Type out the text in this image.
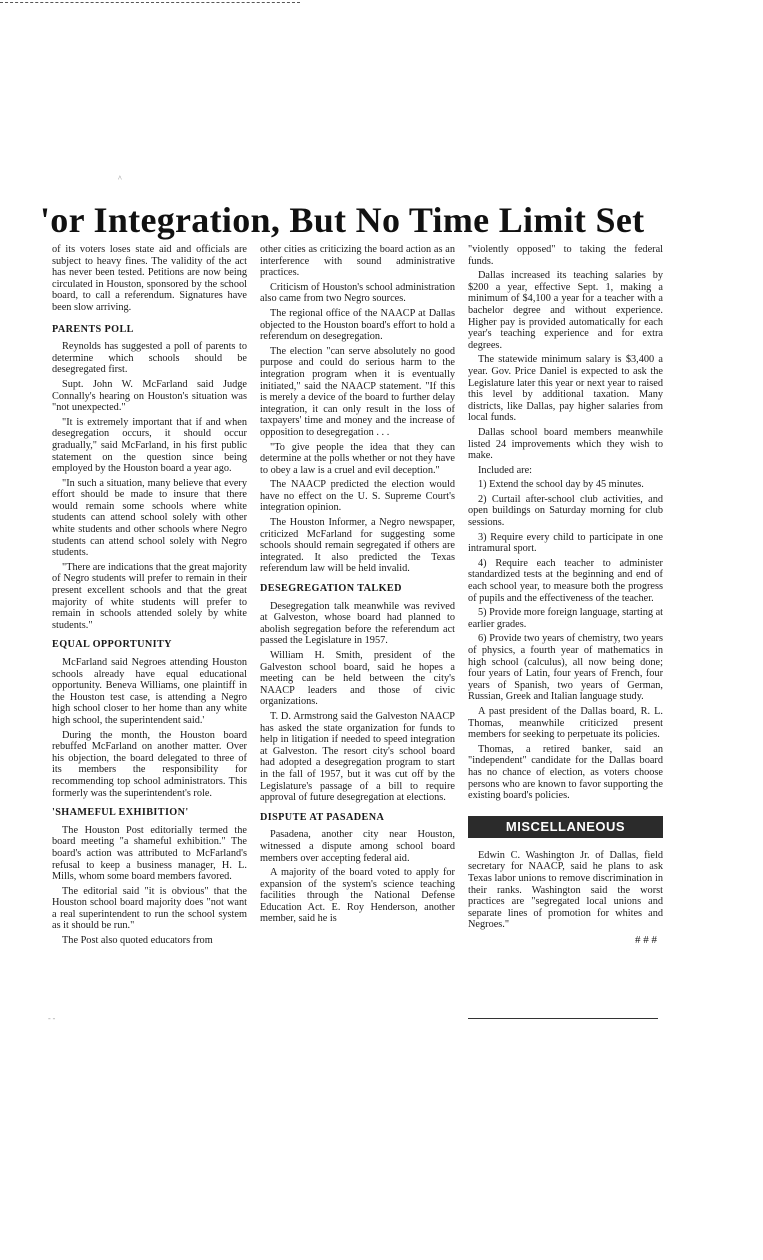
^
'or Integration, But No Time Limit Set

of its voters loses state aid and officials are subject to heavy fines. The validity of the act has never been tested. Petitions are now being circulated in Houston, sponsored by the school board, to call a referendum. Signatures have been slow arriving.

PARENTS POLL

Reynolds has suggested a poll of parents to determine which schools should be desegregated first.

Supt. John W. McFarland said Judge Connally's hearing on Houston's situation was "not unexpected."

"It is extremely important that if and when desegregation occurs, it should occur gradually," said McFarland, in his first public statement on the question since being employed by the Houston board a year ago.

"In such a situation, many believe that every effort should be made to insure that there would remain some schools where white students can attend school solely with other white students and other schools where Negro students can attend school solely with Negro students.

"There are indications that the great majority of Negro students will prefer to remain in their present excellent schools and that the great majority of white students will prefer to remain in schools attended solely by white students."

EQUAL OPPORTUNITY

McFarland said Negroes attending Houston schools already have equal educational opportunity. Beneva Williams, one plaintiff in the Houston test case, is attending a Negro high school closer to her home than any white high school, the superintendent said.'

During the month, the Houston board rebuffed McFarland on another matter. Over his objection, the board delegated to three of its members the responsibility for recommending top school administrators. This formerly was the superintendent's role.

'SHAMEFUL EXHIBITION'

The Houston Post editorially termed the board meeting "a shameful exhibition." The board's action was attributed to McFarland's refusal to keep a business manager, H. L. Mills, whom some board members favored.

The editorial said "it is obvious" that the Houston school board majority does "not want a real superintendent to run the school system as it should be run."

The Post also quoted educators from

other cities as criticizing the board action as an interference with sound administrative practices.

Criticism of Houston's school administration also came from two Negro sources.

The regional office of the NAACP at Dallas objected to the Houston board's effort to hold a referendum on desegregation.

The election "can serve absolutely no good purpose and could do serious harm to the integration program when it is eventually initiated," said the NAACP statement. "If this is merely a device of the board to further delay integration, it can only result in the loss of taxpayers' time and money and the increase of opposition to desegregation . . .

"To give people the idea that they can determine at the polls whether or not they have to obey a law is a cruel and evil deception."

The NAACP predicted the election would have no effect on the U. S. Supreme Court's integration opinion.

The Houston Informer, a Negro newspaper, criticized McFarland for suggesting some schools should remain segregated if others are integrated. It also predicted the Texas referendum law will be held invalid.

DESEGREGATION TALKED

Desegregation talk meanwhile was revived at Galveston, whose board had planned to abolish segregation before the referendum act passed the Legislature in 1957.

William H. Smith, president of the Galveston school board, said he hopes a meeting can be held between the city's NAACP leaders and those of civic organizations.

T. D. Armstrong said the Galveston NAACP has asked the state organization for funds to help in litigation if needed to speed integration at Galveston. The resort city's school board had adopted a desegregation program to start in the fall of 1957, but it was cut off by the Legislature's passage of a bill to require approval of future desegregation at elections.

DISPUTE AT PASADENA

Pasadena, another city near Houston, witnessed a dispute among school board members over accepting federal aid.

A majority of the board voted to apply for expansion of the system's science teaching facilities through the National Defense Education Act. E. Roy Henderson, another member, said he is

"violently opposed" to taking the federal funds.

Dallas increased its teaching salaries by $200 a year, effective Sept. 1, making a minimum of $4,100 a year for a teacher with a bachelor degree and without experience. Higher pay is provided automatically for each year's teaching experience and for extra degrees.

The statewide minimum salary is $3,400 a year. Gov. Price Daniel is expected to ask the Legislature later this year or next year to raised this level by additional taxation. Many districts, like Dallas, pay higher salaries from local funds.

Dallas school board members meanwhile listed 24 improvements which they wish to make.

Included are:

1) Extend the school day by 45 minutes.

2) Curtail after-school club activities, and open buildings on Saturday morning for club sessions.

3) Require every child to participate in one intramural sport.

4) Require each teacher to administer standardized tests at the beginning and end of each school year, to measure both the progress of pupils and the effectiveness of the teacher.

5) Provide more foreign language, starting at earlier grades.

6) Provide two years of chemistry, two years of physics, a fourth year of mathematics in high school (calculus), all now being done; four years of Latin, four years of French, four years of Spanish, two years of German, Russian, Greek and Italian language study.

A past president of the Dallas board, R. L. Thomas, meanwhile criticized present members for seeking to perpetuate its policies.

Thomas, a retired banker, said an "independent" candidate for the Dallas board has no chance of election, as voters choose persons who are known to favor supporting the existing board's policies.

MISCELLANEOUS

Edwin C. Washington Jr. of Dallas, field secretary for NAACP, said he plans to ask Texas labor unions to remove discrimination in their ranks. Washington said the worst practices are "segregated local unions and separate lines of promotion for whites and Negroes."

# # #
- -
